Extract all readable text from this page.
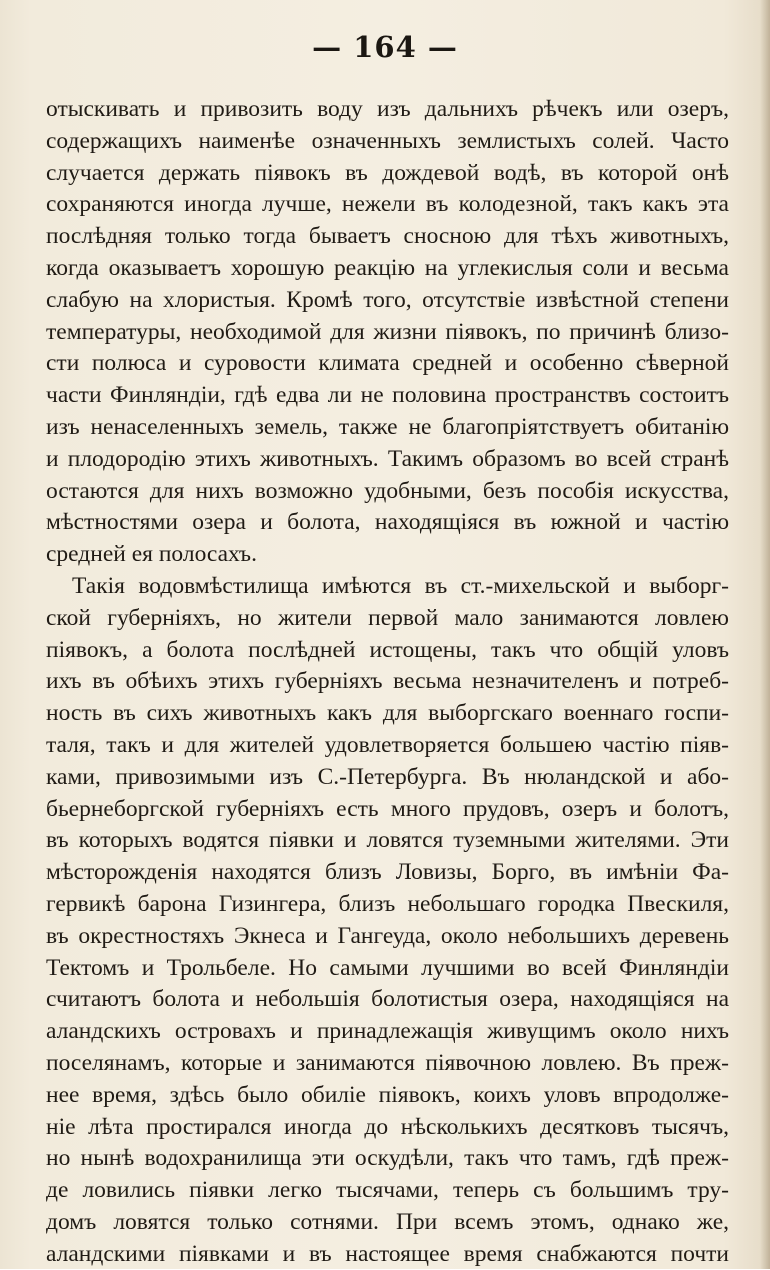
— 164 —
отыскивать и привозить воду изъ дальнихъ рѣчекъ или озеръ,
содержащихъ наименѣе означенныхъ землистыхъ солей. Часто
случается держать піявокъ въ дождевой водѣ, въ которой онѣ
сохраняются иногда лучше, нежели въ колодезной, такъ какъ эта
послѣдняя только тогда бываетъ сносною для тѣхъ животныхъ,
когда оказываетъ хорошую реакцію на углекислыя соли и весьма
слабую на хлористыя. Кромѣ того, отсутствіе извѣстной степени
температуры, необходимой для жизни піявокъ, по причинѣ близо-
сти полюса и суровости климата средней и особенно сѣверной
части Финляндіи, гдѣ едва ли не половина пространствъ состоитъ
изъ ненаселенныхъ земель, также не благопріятствуетъ обитанію
и плодородію этихъ животныхъ. Такимъ образомъ во всей странѣ
остаются для нихъ возможно удобными, безъ пособія искусства,
мѣстностями озера и болота, находящіяся въ южной и частію
средней ея полосахъ.
Такія водовмѣстилища имѣются въ ст.-михельской и выборг-
ской губерніяхъ, но жители первой мало занимаются ловлею
піявокъ, а болота послѣдней истощены, такъ что общій уловъ
ихъ въ обѣихъ этихъ губерніяхъ весьма незначителенъ и потреб-
ность въ сихъ животныхъ какъ для выборгскаго военнаго госпи-
таля, такъ и для жителей удовлетворяется большею частію піяв-
ками, привозимыми изъ С.-Петербурга. Въ нюландской и або-
бьернеборгской губерніяхъ есть много прудовъ, озеръ и болотъ,
въ которыхъ водятся піявки и ловятся туземными жителями. Эти
мѣсторожденія находятся близъ Ловизы, Борго, въ имѣніи Фа-
гервикѣ барона Гизингера, близъ небольшаго городка Пвескиля,
въ окрестностяхъ Экнеса и Гангеуда, около небольшихъ деревень
Тектомъ и Трольбеле. Но самыми лучшими во всей Финляндіи
считаютъ болота и небольшія болотистыя озера, находящіяся на
аландскихъ островахъ и принадлежащія живущимъ около нихъ
поселянамъ, которые и занимаются піявочною ловлею. Въ преж-
нее время, здѣсь было обиліе піявокъ, коихъ уловъ впродолже-
ніе лѣта простирался иногда до нѣсколькихъ десятковъ тысячъ,
но нынѣ водохранилища эти оскудѣли, такъ что тамъ, гдѣ преж-
де ловились піявки легко тысячами, теперь съ большимъ тру-
домъ ловятся только сотнями. При всемъ этомъ, однако же,
аландскими піявками и въ настоящее время снабжаются почти
